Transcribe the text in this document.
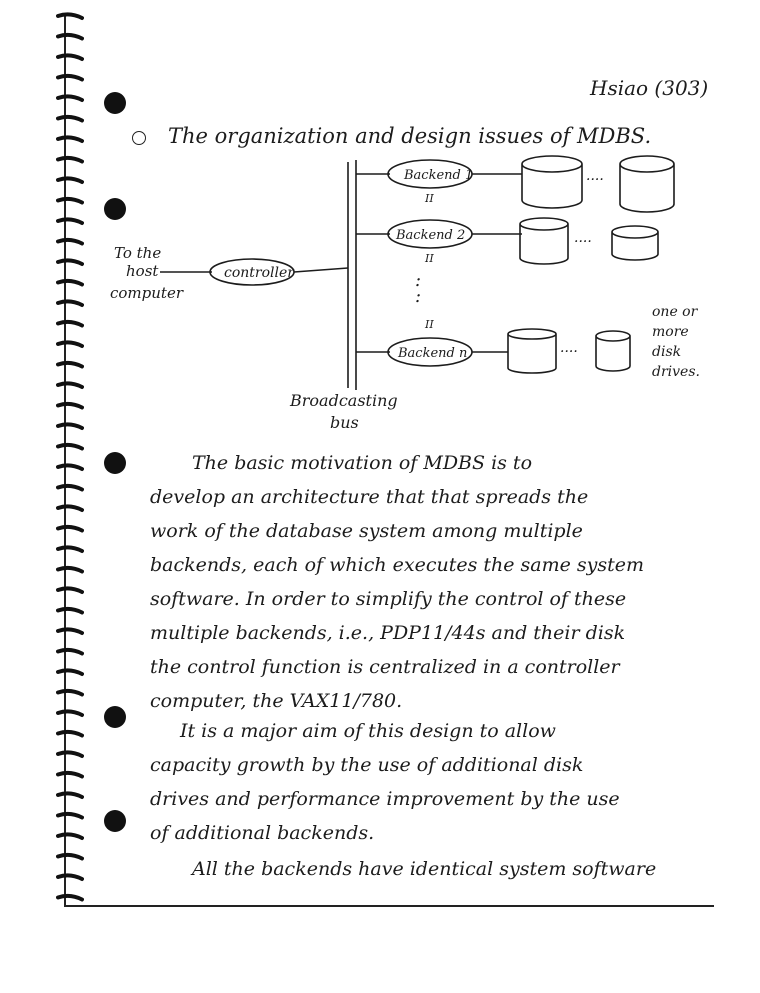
Hsiao (303)
The organization and design issues of MDBS.
Backend 1
Backend 2
Backend n
controller
II
II
II
:
:
····
····
····
To the
host
computer
Broadcasting
bus
one or
more
disk
drives.
The basic motivation of MDBS is to
develop an architecture that that spreads the
work of the database system among multiple
backends, each of which executes the same system
software. In order to simplify the control of these
multiple backends, i.e., PDP11/44s and their disk
the control function is centralized in a controller
computer, the VAX11/780.
It is a major aim of this design to allow
capacity growth by the use of additional disk
drives and performance improvement by the use
of additional backends.
All the backends have identical system software
